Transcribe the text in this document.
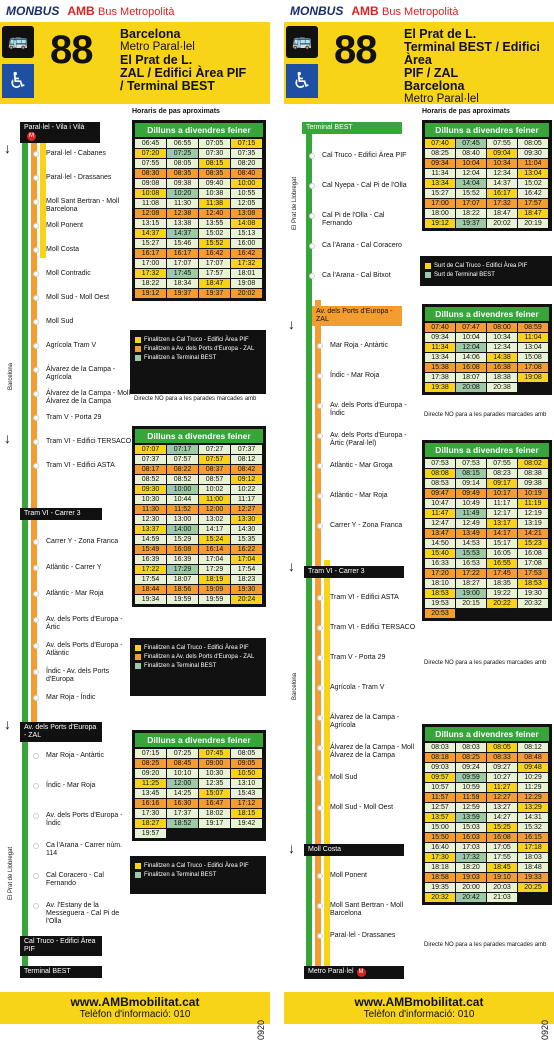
MONBUS AMB Bus Metropolità
🚌
♿
88 Barcelona
Metro Paral·lel
El Prat de L.
ZAL / Edifici Àrea PIF
/ Terminal BEST
Horaris de pas aproximats
Paral·lel - Vila i VilàM
↓	Paral·lel - Cabanes
Paral·lel - Drassanes
Moll Sant Bertran - Moll Barcelona
Moll Ponent
Moll Costa
Moll Contradic
Moll Sud - Moll Oest
Moll Sud
Agrícola Tram V
Álvarez de la Campa - Agrícola
Álvarez de la Campa - Moll Álvarez de la Campa
Tram V - Porta 29
Tram VI - Edifici TERSACO
Tram VI - Edifici ASTA
↓
Tram VI - Carrer 3
Carrer Y - Zona Franca
Atlàntic - Carrer Y
Atlàntic - Mar Roja
Av. dels Ports d'Europa - Àrtic
Av. dels Ports d'Europa - Atlàntic
Índic - Av. dels Ports d'Europa
Mar Roja - Índic
↓	Av. dels Ports d'Europa - ZAL
Mar Roja - Antàrtic
Índic - Mar Roja
Av. dels Ports d'Europa - Índic
Ca l'Arana - Carrer núm. 114
Cal Coracero - Cal Fernando
Av. l'Estany de la Messeguera - Cal Pi de l'Olla
Cal Truco - Edifici Àrea PIF
Terminal BEST
Barcelona
El Prat de Llobregat
Dilluns a divendres feiner
06:45	06:55	07:05	07:15
07:20	07:25	07:30	07:35
07:55	08:05	08:15	08:20
08:30	08:35	08:35	08:40
09:08	09:38	09:40	10:00
10:08	10:20	10:38	10:55
11:08	11:30	11:38	12:05
12:08	12:38	12:40	13:08
13:15	13:38	13:55	14:08
14:37	14:37	15:02	15:13
15:27	15:46	15:52	16:00
16:17	16:17	16:42	16:42
17:00	17:07	17:07	17:32
17:32	17:45	17:57	18:01
18:22	18:34	18:47	19:08
19:12	19:37	19:37	20:02
Finalitzen a Cal Truco - Edifici Àrea PIF
Finalitzen a Av. dels Ports d'Europa - ZAL
Finalitzen a Terminal BEST
Directe NO para a les parades marcades amb
Dilluns a divendres feiner
07:07	07:17	07:27	07:37
07:37	07:57	07:57	08:12
08:17	08:22	08:37	08:42
08:52	08:52	08:57	09:12
09:30	10:00	10:02	10:22
10:30	10:44	11:00	11:17
11:30	11:52	12:00	12:27
12:30	13:00	13:02	13:30
13:37	14:00	14:17	14:30
14:59	15:29	15:24	15:35
15:49	16:08	16:14	16:22
16:39	16:39	17:04	17:04
17:22	17:29	17:29	17:54
17:54	18:07	18:19	18:23
18:44	18:56	19:09	19:30
19:34	19:59	19:59	20:24
Finalitzen a Cal Truco - Edifici Àrea PIF
Finalitzen a Av. dels Ports d'Europa - ZAL
Finalitzen a Terminal BEST
Dilluns a divendres feiner
07:15	07:25	07:45	08:05
08:25	08:45	09:00	09:05
09:20	10:10	10:30	10:50
11:25	12:00	12:35	13:10
13:45	14:25	15:07	15:43
16:16	16:30	16:47	17:12
17:30	17:37	18:02	18:15
18:27	18:52	19:17	19:42
19:57
Finalitzen a Cal Truco - Edifici Àrea PIF
Finalitzen a Terminal BEST
www.AMBmobilitat.cat
Telèfon d'informació: 010
0920
MONBUS AMB Bus Metropolità
🚌
♿
88 El Prat de L.
Terminal BEST / Edifici Àrea
PIF / ZAL
Barcelona
Metro Paral·lel
Horaris de pas aproximats
Terminal BEST
Cal Truco - Edifici Àrea PIF
Cal Nyepa - Cal Pi de l'Olla
Cal Pi de l'Olla - Cal Fernando
Ca l'Arana - Cal Coracero
Ca l'Arana - Cal Bitxot
↓
Av. dels Ports d'Europa - ZAL
Mar Roja - Antàrtic
Índic - Mar Roja
Av. dels Ports d'Europa - Índic
Av. dels Ports d'Europa - Àrtic (Paral·lel)
Atlàntic - Mar Groga
Atlàntic - Mar Roja
Carrer Y - Zona Franca
↓	Tram VI - Carrer 3
Tram VI - Edifici ASTA
Tram VI - Edifici TERSACO
Tram V - Porta 29
Agrícola - Tram V
Álvarez de la Campa - Agrícola
Álvarez de la Campa - Moll Álvarez de la Campa
Moll Sud
Moll Sud - Moll Oest
↓	Moll Costa
Moll Ponent
Moll Sant Bertran - Moll Barcelona
Paral·lel - Drassanes
Metro Paral·lel M
El Prat de Llobregat
Barcelona
Dilluns a divendres feiner
07:40	07:45	07:55	08:05
08:25	08:40	09:04	09:30
09:34	10:04	10:34	11:04
11:34	12:04	12:34	13:04
13:34	14:04	14:37	15:02
15:27	15:52	16:17	16:42
17:00	17:07	17:32	17:57
18:00	18:22	18:47	18:47
19:12	19:37	20:02	20:19
Surt de Cal Truco - Edifici Àrea PIF
Surt de Terminal BEST
Dilluns a divendres feiner
07:40	07:47	08:00	08:59
09:34	10:04	10:34	11:04
11:34	12:04	12:34	13:04
13:34	14:06	14:38	15:08
15:38	16:08	16:38	17:08
17:38	18:07	18:38	19:08
19:38	20:08	20:38
Directe NO para a les parades marcades amb
Dilluns a divendres feiner
07:53	07:53	07:55	08:02
08:08	08:15	08:23	08:38
08:53	09:14	09:17	09:38
09:47	09:49	10:17	10:19
10:47	10:49	11:17	11:19
11:47	11:49	12:17	12:19
12:47	12:49	13:17	13:19
13:47	13:49	14:17	14:21
14:50	14:53	15:17	15:23
15:40	15:53	16:05	16:08
16:33	16:53	16:55	17:08
17:20	17:22	17:45	17:53
18:10	18:27	18:35	18:53
18:53	19:00	19:22	19:30
19:53	20:15	20:22	20:32
20:53
Directe NO para a les parades marcades amb
Dilluns a divendres feiner
08:03	08:03	08:05	08:12
08:18	08:25	08:33	08:48
09:03	09:24	09:27	09:48
09:57	09:59	10:27	10:29
10:57	10:59	11:27	11:29
11:57	11:59	12:27	12:29
12:57	12:59	13:27	13:29
13:57	13:59	14:27	14:31
15:00	15:03	15:25	15:32
15:50	16:03	16:08	16:15
16:40	17:03	17:05	17:18
17:30	17:32	17:55	18:03
18:18	18:20	18:45	18:48
18:58	19:03	19:10	19:33
19:35	20:00	20:03	20:25
20:32	20:42	21:03
Directe NO para a les parades marcades amb
www.AMBmobilitat.cat
Telèfon d'informació: 010
0920
